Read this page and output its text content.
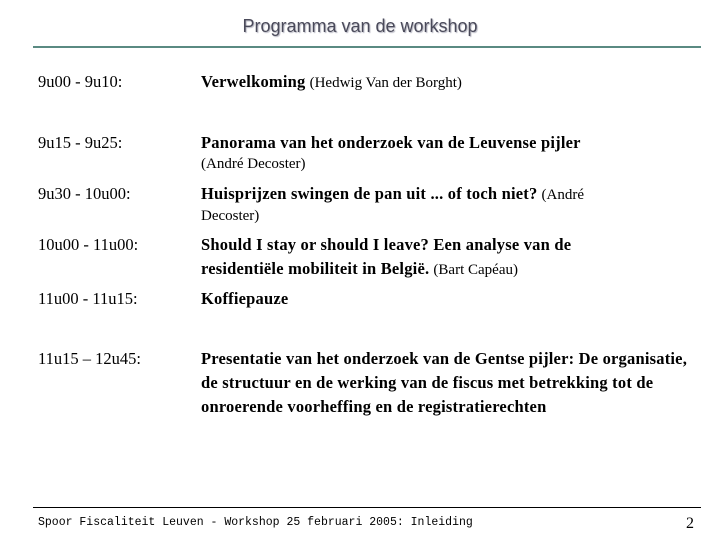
Programma van de workshop
9u00 - 9u10:	Verwelkoming (Hedwig Van der Borght)
9u15 - 9u25:	Panorama van het onderzoek van de Leuvense pijler
(André Decoster)
9u30 - 10u00:	Huisprijzen swingen de pan uit ... of toch niet? (André
Decoster)
10u00 - 11u00:	Should I stay or should I leave? Een analyse van de residentiële mobiliteit in België. (Bart Capéau)
11u00 - 11u15:	Koffiepauze
11u15 – 12u45:	Presentatie van het onderzoek van de Gentse pijler: De organisatie, de structuur en de werking van de fiscus met betrekking tot de onroerende voorheffing en de registratierechten
Spoor Fiscaliteit Leuven - Workshop 25 februari 2005: Inleiding	2
